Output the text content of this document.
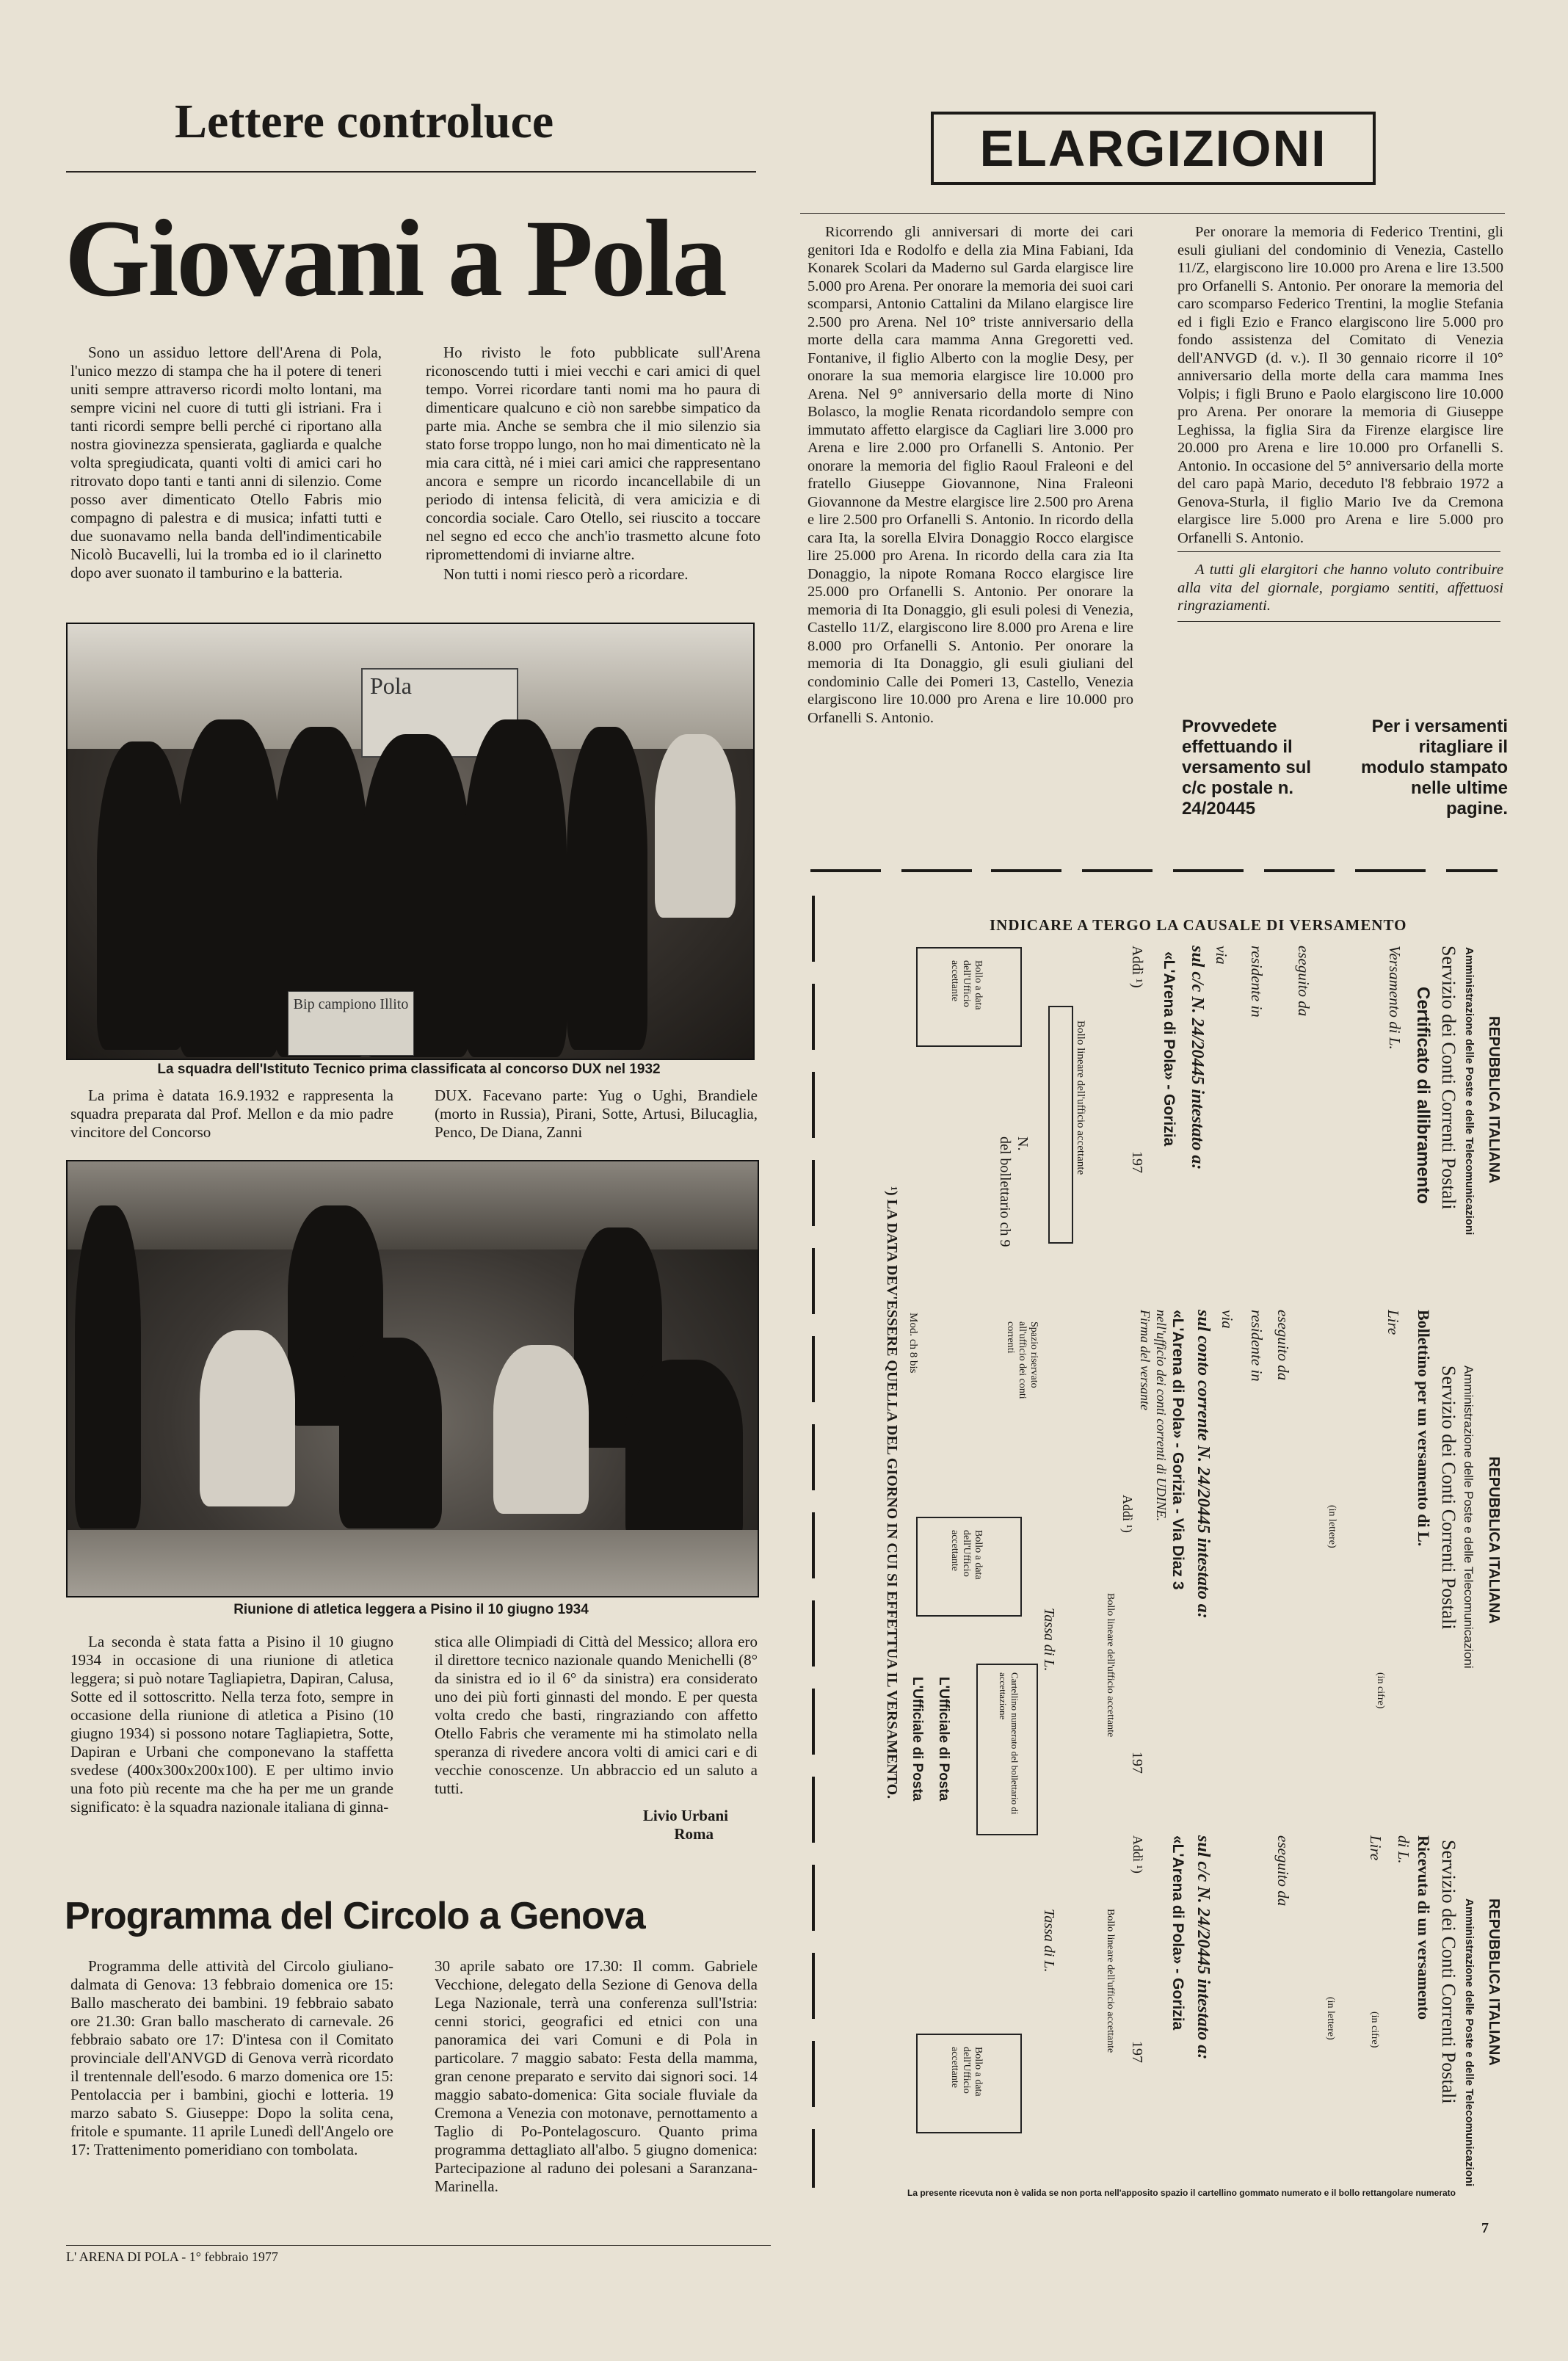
Lettere controluce
Giovani a Pola

Sono un assiduo lettore dell'Arena di Pola, l'unico mezzo di stampa che ha il potere di teneri uniti sempre attraverso ricordi molto lontani, ma sempre vicini nel cuore di tutti gli istriani. Fra i tanti ricordi sempre belli perché ci riportano alla nostra giovinezza spensierata, gagliarda e qualche volta spregiudicata, quanti volti di amici cari ho ritrovato dopo tanti e tanti anni di silenzio. Come posso aver dimenticato Otello Fabris mio compagno di palestra e di musica; infatti tutti e due suonavamo nella banda dell'indimenticabile Nicolò Bucavelli, lui la tromba ed io il clarinetto dopo aver suonato il tamburino e la batteria.

Ho rivisto le foto pubblicate sull'Arena riconoscendo tutti i miei vecchi e cari amici di quel tempo. Vorrei ricordare tanti nomi ma ho paura di dimenticare qualcuno e ciò non sarebbe simpatico da parte mia. Anche se sembra che il mio silenzio sia stato forse troppo lungo, non ho mai dimenticato nè la mia cara città, né i miei cari amici che rappresentano ancora e sempre un ricordo incancellabile di un periodo di intensa felicità, di vera amicizia e di concordia sociale. Caro Otello, sei riuscito a toccare nel segno ed ecco che anch'io trasmetto alcune foto ripromettendomi di inviarne altre.

Non tutti i nomi riesco però a ricordare.

Pola
Bip campiono Illito
La squadra dell'Istituto Tecnico prima classificata al concorso DUX nel 1932

La prima è datata 16.9.1932 e rappresenta la squadra preparata dal Prof. Mellon e da mio padre vincitore del Concorso

DUX. Facevano parte: Yug o Ughi, Brandiele (morto in Russia), Pirani, Sotte, Artusi, Bilucaglia, Penco, De Diana, Zanni

Riunione di atletica leggera a Pisino il 10 giugno 1934

La seconda è stata fatta a Pisino il 10 giugno 1934 in occasione di una riunione di atletica leggera; si può notare Tagliapietra, Dapiran, Calusa, Sotte ed il sottoscritto. Nella terza foto, sempre in occasione della riunione di atletica a Pisino (10 giugno 1934) si possono notare Tagliapietra, Sotte, Dapiran e Urbani che componevano la staffetta svedese (400x300x200x100). E per ultimo invio una foto più recente ma che ha per me un grande significato: è la squadra nazionale italiana di ginna-

stica alle Olimpiadi di Città del Messico; allora ero il direttore tecnico nazionale quando Menichelli (8° da sinistra ed io il 6° da sinistra) era considerato uno dei più forti ginnasti del mondo. E per questa volta credo che basti, ringraziando con affetto Otello Fabris che veramente mi ha stimolato nella speranza di rivedere ancora volti di amici cari e di vecchie conoscenze. Un abbraccio ed un saluto a tutti.

Livio Urbani
Roma
Programma del Circolo a Genova

Programma delle attività del Circolo giuliano-dalmata di Genova: 13 febbraio domenica ore 15: Ballo mascherato dei bambini. 19 febbraio sabato ore 21.30: Gran ballo mascherato di carnevale. 26 febbraio sabato ore 17: D'intesa con il Comitato provinciale dell'ANVGD di Genova verrà ricordato il trentennale dell'esodo. 6 marzo domenica ore 15: Pentolaccia per i bambini, giochi e lotteria. 19 marzo sabato S. Giuseppe: Dopo la solita cena, fritole e spumante. 11 aprile Lunedì dell'Angelo ore 17: Trattenimento pomeridiano con tombolata.

30 aprile sabato ore 17.30: Il comm. Gabriele Vecchione, delegato della Sezione di Genova della Lega Nazionale, terrà una conferenza sull'Istria: cenni storici, geografici ed etnici con una panoramica dei vari Comuni e di Pola in particolare. 7 maggio sabato: Festa della mamma, gran cenone preparato e servito dai signori soci. 14 maggio sabato-domenica: Gita sociale fluviale da Cremona a Venezia con motonave, pernottamento a Taglio di Po-Pontelagoscuro. Quanto prima programma dettagliato all'albo. 5 giugno domenica: Partecipazione al raduno dei polesani a Saranzana-Marinella.

L' ARENA DI POLA - 1° febbraio 1977
ELARGIZIONI

Ricorrendo gli anniversari di morte dei cari genitori Ida e Rodolfo e della zia Mina Fabiani, Ida Konarek Scolari da Maderno sul Garda elargisce lire 5.000 pro Arena. Per onorare la memoria dei suoi cari scomparsi, Antonio Cattalini da Milano elargisce lire 2.500 pro Arena. Nel 10° triste anniversario della morte della cara mamma Anna Gregoretti ved. Fontanive, il figlio Alberto con la moglie Desy, per onorare la sua memoria elargisce lire 10.000 pro Arena. Nel 9° anniversario della morte di Nino Bolasco, la moglie Renata ricordandolo sempre con immutato affetto elargisce da Cagliari lire 3.000 pro Arena e lire 2.000 pro Orfanelli S. Antonio. Per onorare la memoria del figlio Raoul Fraleoni e del fratello Giuseppe Giovannone, Nina Fraleoni Giovannone da Mestre elargisce lire 2.500 pro Arena e lire 2.500 pro Orfanelli S. Antonio. In ricordo della cara Ita, la sorella Elvira Donaggio Rocco elargisce lire 25.000 pro Arena. In ricordo della cara zia Ita Donaggio, la nipote Romana Rocco elargisce lire 25.000 pro Orfanelli S. Antonio. Per onorare la memoria di Ita Donaggio, gli esuli polesi di Venezia, Castello 11/Z, elargiscono lire 8.000 pro Arena e lire 8.000 pro Orfanelli S. Antonio. Per onorare la memoria di Ita Donaggio, gli esuli giuliani del condominio Calle dei Pomeri 13, Castello, Venezia elargiscono lire 10.000 pro Arena e lire 10.000 pro Orfanelli S. Antonio.

Per onorare la memoria di Federico Trentini, gli esuli giuliani del condominio di Venezia, Castello 11/Z, elargiscono lire 10.000 pro Arena e lire 13.500 pro Orfanelli S. Antonio. Per onorare la memoria del caro scomparso Federico Trentini, la moglie Stefania ed i figli Ezio e Franco elargiscono lire 5.000 pro fondo assistenza del Comitato di Venezia dell'ANVGD (d. v.). Il 30 gennaio ricorre il 10° anniversario della morte della cara mamma Ines Volpis; i figli Bruno e Paolo elargiscono lire 10.000 pro Arena. Per onorare la memoria di Giuseppe Leghissa, la figlia Sira da Firenze elargisce lire 20.000 pro Arena e lire 10.000 pro Orfanelli S. Antonio. In occasione del 5° anniversario della morte del caro papà Mario, deceduto l'8 febbraio 1972 a Genova-Sturla, il figlio Mario Ive da Cremona elargisce lire 5.000 pro Arena e lire 5.000 pro Orfanelli S. Antonio.

A tutti gli elargitori che hanno voluto contribuire alla vita del giornale, porgiamo sentiti, affettuosi ringraziamenti.

Provvedete effettuando il versamento sul c/c postale n. 24/20445
Per i versamenti ritagliare il modulo stampato nelle ultime pagine.
INDICARE A TERGO LA CAUSALE DI VERSAMENTO
REPUBBLICA ITALIANA
Amministrazione delle Poste e delle Telecomunicazioni
Servizio dei Conti Correnti Postali
Certificato di allibramento
Versamento di L.
eseguito da
residente in
via
sul c/c N. 24/20445 intestato a:
«L'Arena di Pola» - Gorizia
Addì ¹)
197
Bollo lineare dell'ufficio accettante
N.
del bollettario ch 9
Bollo a data dell'Ufficio accettante
REPUBBLICA ITALIANA
Amministrazione delle Poste e delle Telecomunicazioni
Servizio dei Conti Correnti Postali
Bollettino per un versamento di L.
Lire
(in cifre)
(in lettere)
eseguito da
residente in
via
sul conto corrente N. 24/20445 intestato a:
«L'Arena di Pola» - Gorizia - Via Diaz 3
nell'ufficio dei conti correnti di UDINE.
Firma del versante
Addì ¹)
Spazio riservato all'ufficio dei conti correnti
Bollo lineare dell'ufficio accettante
197
Tassa di L.
Bollo a data dell'Ufficio accettante
Cartellino numerato del bollettario di accettazione
L'Ufficiale di Posta
L'Ufficiale di Posta
Mod. ch 8 bis
¹) LA DATA DEV'ESSERE QUELLA DEL GIORNO IN CUI SI EFFETTUA IL VERSAMENTO.
REPUBBLICA ITALIANA
Amministrazione delle Poste e delle Telecomunicazioni
Servizio dei Conti Correnti Postali
Ricevuta di un versamento
di L.
Lire
(in cifre)
(in lettere)
eseguito da
sul c/c N. 24/20445 intestato a:
«L'Arena di Pola» - Gorizia
Addì ¹)
Bollo lineare dell'ufficio accettante 197
Tassa di L.
Bollo a data dell'Ufficio accettante
La presente ricevuta non è valida se non porta nell'apposito spazio il cartellino gommato numerato e il bollo rettangolare numerato
7
